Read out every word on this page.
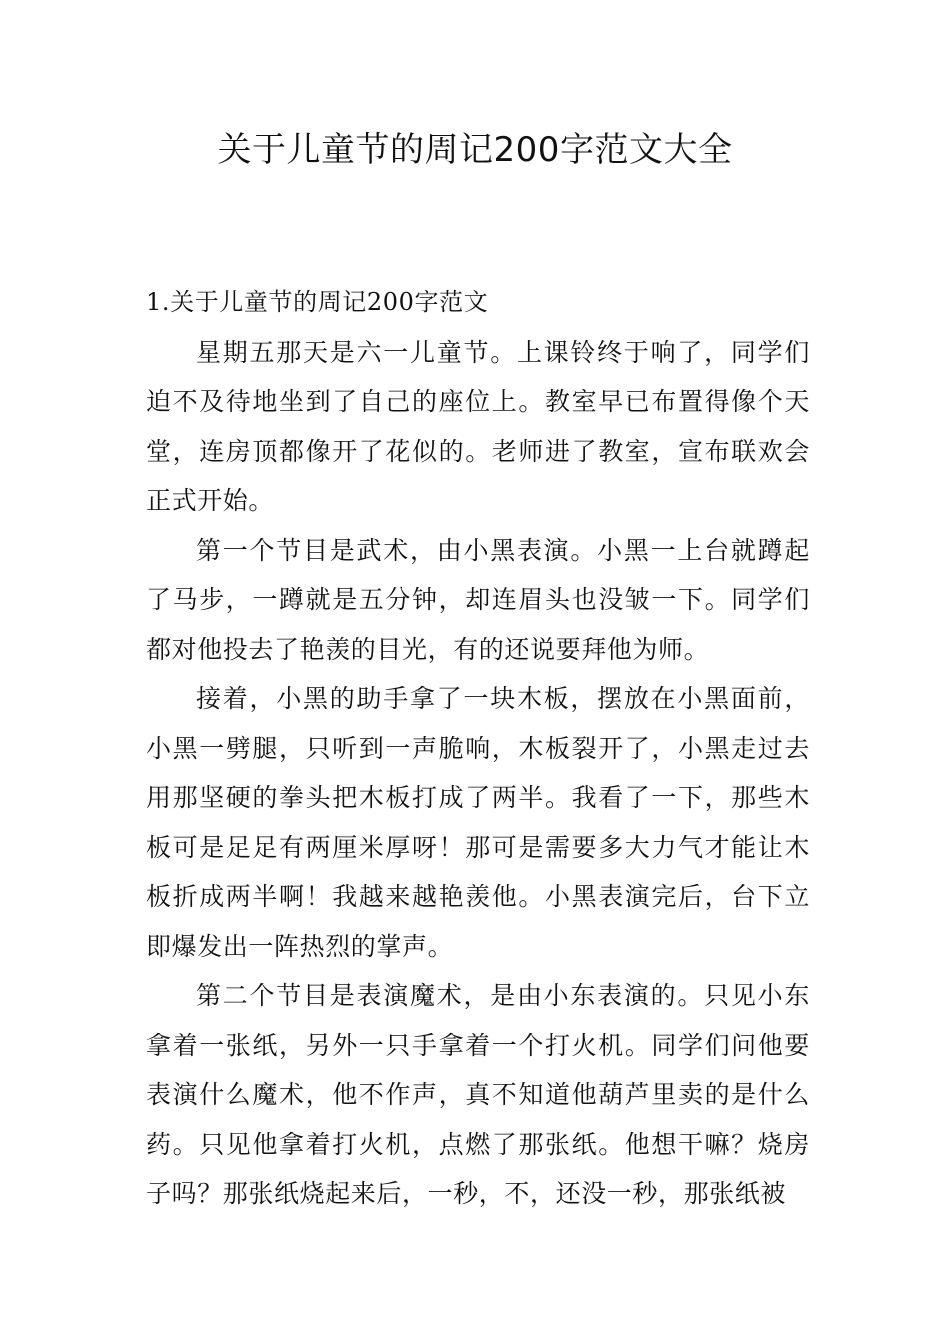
关于儿童节的周记200字范文大全

1.关于儿童节的周记200字范文

星期五那天是六一儿童节。上课铃终于响了，同学们迫不及待地坐到了自己的座位上。教室早已布置得像个天堂，连房顶都像开了花似的。老师进了教室，宣布联欢会正式开始。

第一个节目是武术，由小黑表演。小黑一上台就蹲起了马步，一蹲就是五分钟，却连眉头也没皱一下。同学们都对他投去了艳羡的目光，有的还说要拜他为师。

接着，小黑的助手拿了一块木板，摆放在小黑面前，小黑一劈腿，只听到一声脆响，木板裂开了，小黑走过去用那坚硬的拳头把木板打成了两半。我看了一下，那些木板可是足足有两厘米厚呀！那可是需要多大力气才能让木板折成两半啊！我越来越艳羡他。小黑表演完后，台下立即爆发出一阵热烈的掌声。

第二个节目是表演魔术，是由小东表演的。只见小东拿着一张纸，另外一只手拿着一个打火机。同学们问他要表演什么魔术，他不作声，真不知道他葫芦里卖的是什么药。只见他拿着打火机，点燃了那张纸。他想干嘛？烧房子吗？那张纸烧起来后，一秒，不，还没一秒，那张纸被
